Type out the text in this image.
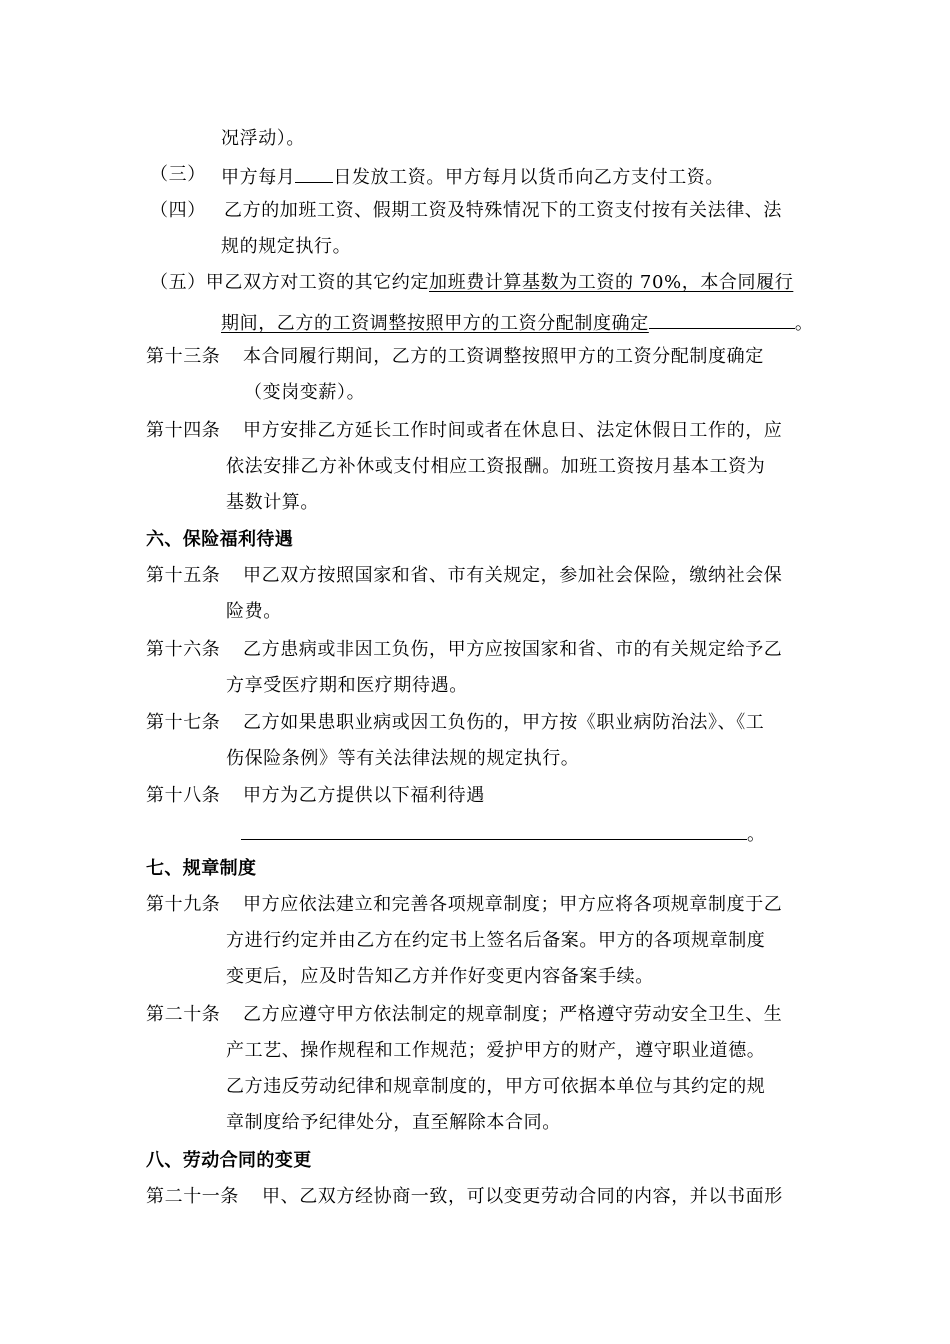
况浮动）。
（三） 甲方每月 日发放工资。甲方每月以货币向乙方支付工资。
（四） 乙方的加班工资、假期工资及特殊情况下的工资支付按有关法律、法
规的规定执行。
（五）甲乙双方对工资的其它约定加班费计算基数为工资的 70%，本合同履行
期间，乙方的工资调整按照甲方的工资分配制度确定	。
第十三条 本合同履行期间，乙方的工资调整按照甲方的工资分配制度确定
（变岗变薪）。
第十四条 甲方安排乙方延长工作时间或者在休息日、法定休假日工作的，应
依法安排乙方补休或支付相应工资报酬。加班工资按月基本工资为
基数计算。
六、保险福利待遇
第十五条 甲乙双方按照国家和省、市有关规定，参加社会保险，缴纳社会保
险费。
第十六条 乙方患病或非因工负伤，甲方应按国家和省、市的有关规定给予乙
方享受医疗期和医疗期待遇。
第十七条 乙方如果患职业病或因工负伤的，甲方按《职业病防治法》、《工
伤保险条例》等有关法律法规的规定执行。
第十八条 甲方为乙方提供以下福利待遇
。
七、规章制度
第十九条 甲方应依法建立和完善各项规章制度；甲方应将各项规章制度于乙
方进行约定并由乙方在约定书上签名后备案。甲方的各项规章制度
变更后，应及时告知乙方并作好变更内容备案手续。
第二十条 乙方应遵守甲方依法制定的规章制度；严格遵守劳动安全卫生、生
产工艺、操作规程和工作规范；爱护甲方的财产，遵守职业道德。
乙方违反劳动纪律和规章制度的，甲方可依据本单位与其约定的规
章制度给予纪律处分，直至解除本合同。
八、劳动合同的变更
第二十一条 甲、乙双方经协商一致，可以变更劳动合同的内容，并以书面形
